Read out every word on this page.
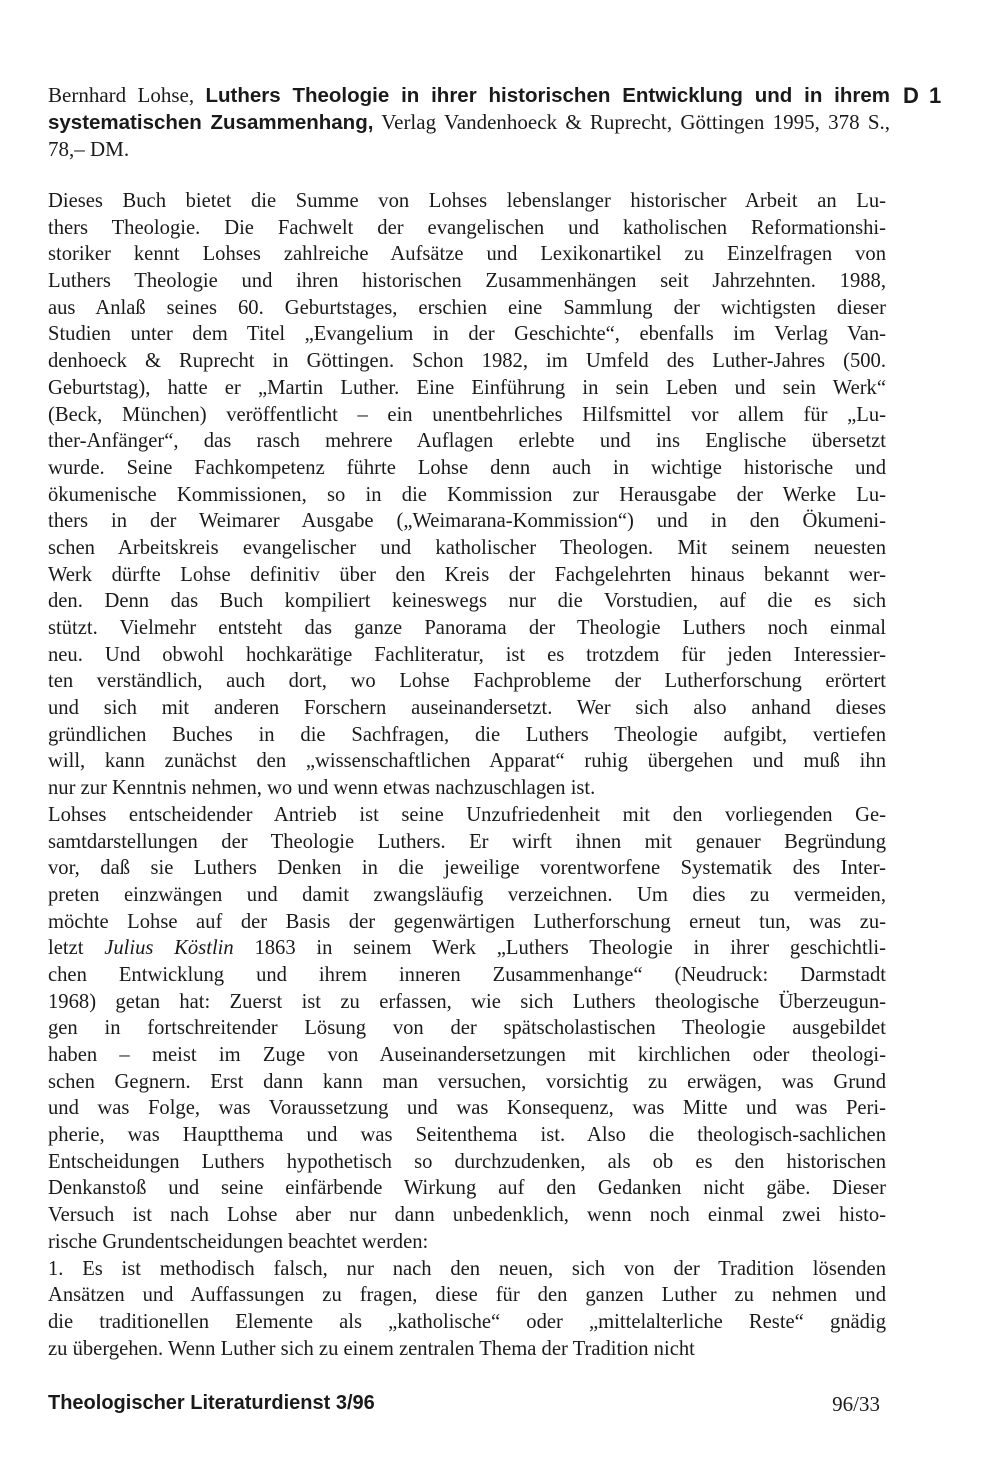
Bernhard Lohse, Luthers Theologie in ihrer historischen Entwicklung und in ihrem systematischen Zusammenhang, Verlag Vandenhoeck & Ruprecht, Göttingen 1995, 378 S., 78,– DM.
D 1
Dieses Buch bietet die Summe von Lohses lebenslanger historischer Arbeit an Lu-
thers Theologie. Die Fachwelt der evangelischen und katholischen Reformationshi-
storiker kennt Lohses zahlreiche Aufsätze und Lexikonartikel zu Einzelfragen von
Luthers Theologie und ihren historischen Zusammenhängen seit Jahrzehnten. 1988,
aus Anlaß seines 60. Geburtstages, erschien eine Sammlung der wichtigsten dieser
Studien unter dem Titel „Evangelium in der Geschichte“, ebenfalls im Verlag Van-
denhoeck & Ruprecht in Göttingen. Schon 1982, im Umfeld des Luther-Jahres (500.
Geburtstag), hatte er „Martin Luther. Eine Einführung in sein Leben und sein Werk“
(Beck, München) veröffentlicht – ein unentbehrliches Hilfsmittel vor allem für „Lu-
ther-Anfänger“, das rasch mehrere Auflagen erlebte und ins Englische übersetzt
wurde. Seine Fachkompetenz führte Lohse denn auch in wichtige historische und
ökumenische Kommissionen, so in die Kommission zur Herausgabe der Werke Lu-
thers in der Weimarer Ausgabe („Weimarana-Kommission“) und in den Ökumeni-
schen Arbeitskreis evangelischer und katholischer Theologen. Mit seinem neuesten
Werk dürfte Lohse definitiv über den Kreis der Fachgelehrten hinaus bekannt wer-
den. Denn das Buch kompiliert keineswegs nur die Vorstudien, auf die es sich
stützt. Vielmehr entsteht das ganze Panorama der Theologie Luthers noch einmal
neu. Und obwohl hochkarätige Fachliteratur, ist es trotzdem für jeden Interessier-
ten verständlich, auch dort, wo Lohse Fachprobleme der Lutherforschung erörtert
und sich mit anderen Forschern auseinandersetzt. Wer sich also anhand dieses
gründlichen Buches in die Sachfragen, die Luthers Theologie aufgibt, vertiefen
will, kann zunächst den „wissenschaftlichen Apparat“ ruhig übergehen und muß ihn
nur zur Kenntnis nehmen, wo und wenn etwas nachzuschlagen ist.
Lohses entscheidender Antrieb ist seine Unzufriedenheit mit den vorliegenden Ge-
samtdarstellungen der Theologie Luthers. Er wirft ihnen mit genauer Begründung
vor, daß sie Luthers Denken in die jeweilige vorentworfene Systematik des Inter-
preten einzwängen und damit zwangsläufig verzeichnen. Um dies zu vermeiden,
möchte Lohse auf der Basis der gegenwärtigen Lutherforschung erneut tun, was zu-
letzt Julius Köstlin 1863 in seinem Werk „Luthers Theologie in ihrer geschichtli-
chen Entwicklung und ihrem inneren Zusammenhange“ (Neudruck: Darmstadt
1968) getan hat: Zuerst ist zu erfassen, wie sich Luthers theologische Überzeugun-
gen in fortschreitender Lösung von der spätscholastischen Theologie ausgebildet
haben – meist im Zuge von Auseinandersetzungen mit kirchlichen oder theologi-
schen Gegnern. Erst dann kann man versuchen, vorsichtig zu erwägen, was Grund
und was Folge, was Voraussetzung und was Konsequenz, was Mitte und was Peri-
pherie, was Hauptthema und was Seitenthema ist. Also die theologisch-sachlichen
Entscheidungen Luthers hypothetisch so durchzudenken, als ob es den historischen
Denkanstoß und seine einfärbende Wirkung auf den Gedanken nicht gäbe. Dieser
Versuch ist nach Lohse aber nur dann unbedenklich, wenn noch einmal zwei histo-
rische Grundentscheidungen beachtet werden:
1. Es ist methodisch falsch, nur nach den neuen, sich von der Tradition lösenden
Ansätzen und Auffassungen zu fragen, diese für den ganzen Luther zu nehmen und
die traditionellen Elemente als „katholische“ oder „mittelalterliche Reste“ gnädig
zu übergehen. Wenn Luther sich zu einem zentralen Thema der Tradition nicht
Theologischer Literaturdienst 3/96	96/33
